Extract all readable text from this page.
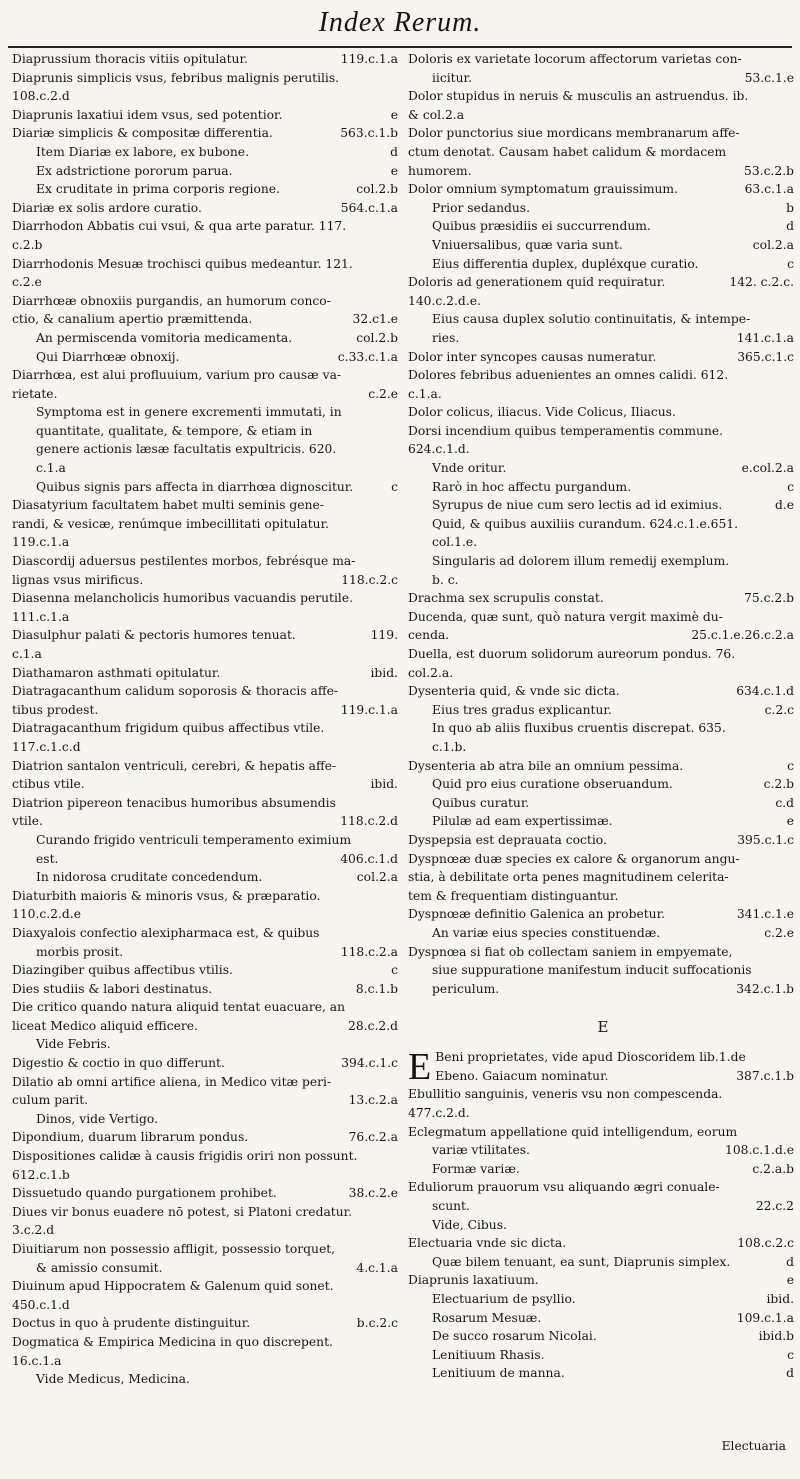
Index Rerum.
Diaprussium thoracis vitiis opitulatur.	119.c.1.a
Diaprunis simplicis vsus, febribus malignis perutilis.
108.c.2.d
Diaprunis laxatiui idem vsus, sed potentior.	e
Diariæ simplicis & compositæ differentia.	563.c.1.b
Item Diariæ ex labore, ex bubone.	d
Ex adstrictione pororum parua.	e
Ex cruditate in prima corporis regione.	col.2.b
Diariæ ex solis ardore curatio.	564.c.1.a
Diarrhodon Abbatis cui vsui, & qua arte paratur. 117.
c.2.b
Diarrhodonis Mesuæ trochisci quibus medeantur. 121.
c.2.e
Diarrhœæ obnoxiis purgandis, an humorum conco-
ctio, & canalium apertio præmittenda.	32.c1.e
An permiscenda vomitoria medicamenta.	col.2.b
Qui Diarrhœæ obnoxij.	c.33.c.1.a
Diarrhœa, est alui profluuium, varium pro causæ va-
rietate.	c.2.e
Symptoma est in genere excrementi immutati, in
quantitate, qualitate, & tempore, & etiam in
genere actionis læsæ facultatis expultricis. 620.
c.1.a
Quibus signis pars affecta in diarrhœa dignoscitur.	c
Diasatyrium facultatem habet multi seminis gene-
randi, & vesicæ, renúmque imbecillitati opitulatur.
119.c.1.a
Diascordij aduersus pestilentes morbos, febrésque ma-
lignas vsus mirificus.	118.c.2.c
Diasenna melancholicis humoribus vacuandis perutile.
111.c.1.a
Diasulphur palati & pectoris humores tenuat.	119.
c.1.a
Diathamaron asthmati opitulatur.	ibid.
Diatragacanthum calidum soporosis & thoracis affe-
tibus prodest.	119.c.1.a
Diatragacanthum frigidum quibus affectibus vtile.
117.c.1.c.d
Diatrion santalon ventriculi, cerebri, & hepatis affe-
ctibus vtile.	ibid.
Diatrion pipereon tenacibus humoribus absumendis
vtile.	118.c.2.d
Curando frigido ventriculi temperamento eximium
est.	406.c.1.d
In nidorosa cruditate concedendum.	col.2.a
Diaturbith maioris & minoris vsus, & præparatio.
110.c.2.d.e
Diaxyalois confectio alexipharmaca est, & quibus
morbis prosit.	118.c.2.a
Diazingiber quibus affectibus vtilis.	c
Dies studiis & labori destinatus.	8.c.1.b
Die critico quando natura aliquid tentat euacuare, an
liceat Medico aliquid efficere.	28.c.2.d
Vide Febris.
Digestio & coctio in quo differunt.	394.c.1.c
Dilatio ab omni artifice aliena, in Medico vitæ peri-
culum parit.	13.c.2.a
Dinos, vide Vertigo.
Dipondium, duarum librarum pondus.	76.c.2.a
Dispositiones calidæ à causis frigidis oriri non possunt.
612.c.1.b
Dissuetudo quando purgationem prohibet.	38.c.2.e
Diues vir bonus euadere nō potest, si Platoni credatur.
3.c.2.d
Diuitiarum non possessio affligit, possessio torquet,
& amissio consumit.	4.c.1.a
Diuinum apud Hippocratem & Galenum quid sonet.
450.c.1.d
Doctus in quo à prudente distinguitur.	b.c.2.c
Dogmatica & Empirica Medicina in quo discrepent.
16.c.1.a
Vide Medicus, Medicina.
Doloris ex varietate locorum affectorum varietas con-
iicitur.	53.c.1.e
Dolor stupidus in neruis & musculis an astruendus. ib.
& col.2.a
Dolor punctorius siue mordicans membranarum affe-
ctum denotat. Causam habet calidum & mordacem
humorem.	53.c.2.b
Dolor omnium symptomatum grauissimum.	63.c.1.a
Prior sedandus.	b
Quibus præsidiis ei succurrendum.	d
Vniuersalibus, quæ varia sunt.	col.2.a
Eius differentia duplex, dupléxque curatio.	c
Doloris ad generationem quid requiratur.	142. c.2.c.
140.c.2.d.e.
Eius causa duplex solutio continuitatis, & intempe-
ries.	141.c.1.a
Dolor inter syncopes causas numeratur.	365.c.1.c
Dolores febribus aduenientes an omnes calidi. 612.
c.1.a.
Dolor colicus, iliacus. Vide Colicus, Iliacus.
Dorsi incendium quibus temperamentis commune.
624.c.1.d.
Vnde oritur.	e.col.2.a
Rarò in hoc affectu purgandum.	c
Syrupus de niue cum sero lectis ad id eximius.	d.e
Quid, & quibus auxiliis curandum. 624.c.1.e.651.
col.1.e.
Singularis ad dolorem illum remedij exemplum.
b. c.
Drachma sex scrupulis constat.	75.c.2.b
Ducenda, quæ sunt, quò natura vergit maximè du-
cenda.	25.c.1.e.26.c.2.a
Duella, est duorum solidorum aureorum pondus. 76.
col.2.a.
Dysenteria quid, & vnde sic dicta.	634.c.1.d
Eius tres gradus explicantur.	c.2.c
In quo ab aliis fluxibus cruentis discrepat. 635.
c.1.b.
Dysenteria ab atra bile an omnium pessima.	c
Quid pro eius curatione obseruandum.	c.2.b
Quibus curatur.	c.d
Pilulæ ad eam expertissimæ.	e
Dyspepsia est deprauata coctio.	395.c.1.c
Dyspnœæ duæ species ex calore & organorum angu-
stia, à debilitate orta penes magnitudinem celerita-
tem & frequentiam distinguantur.
Dyspnœæ definitio Galenica an probetur.	341.c.1.e
An variæ eius species constituendæ.	c.2.e
Dyspnœa si fiat ob collectam saniem in empyemate,
siue suppuratione manifestum inducit suffocationis
periculum.	342.c.1.b
E
E Beni proprietates, vide apud Dioscoridem lib.1.de
Ebeno. Gaiacum nominatur.	387.c.1.b
Ebullitio sanguinis, veneris vsu non compescenda.
477.c.2.d.
Eclegmatum appellatione quid intelligendum, eorum
variæ vtilitates.	108.c.1.d.e
Formæ variæ.	c.2.a.b
Eduliorum prauorum vsu aliquando ægri conuale-
scunt.	22.c.2
Vide, Cibus.
Electuaria vnde sic dicta.	108.c.2.c
Quæ bilem tenuant, ea sunt, Diaprunis simplex.	d
Diaprunis laxatiuum.	e
Electuarium de psyllio.	ibid.
Rosarum Mesuæ.	109.c.1.a
De succo rosarum Nicolai.	ibid.b
Lenitiuum Rhasis.	c
Lenitiuum de manna.	d
Electuaria
